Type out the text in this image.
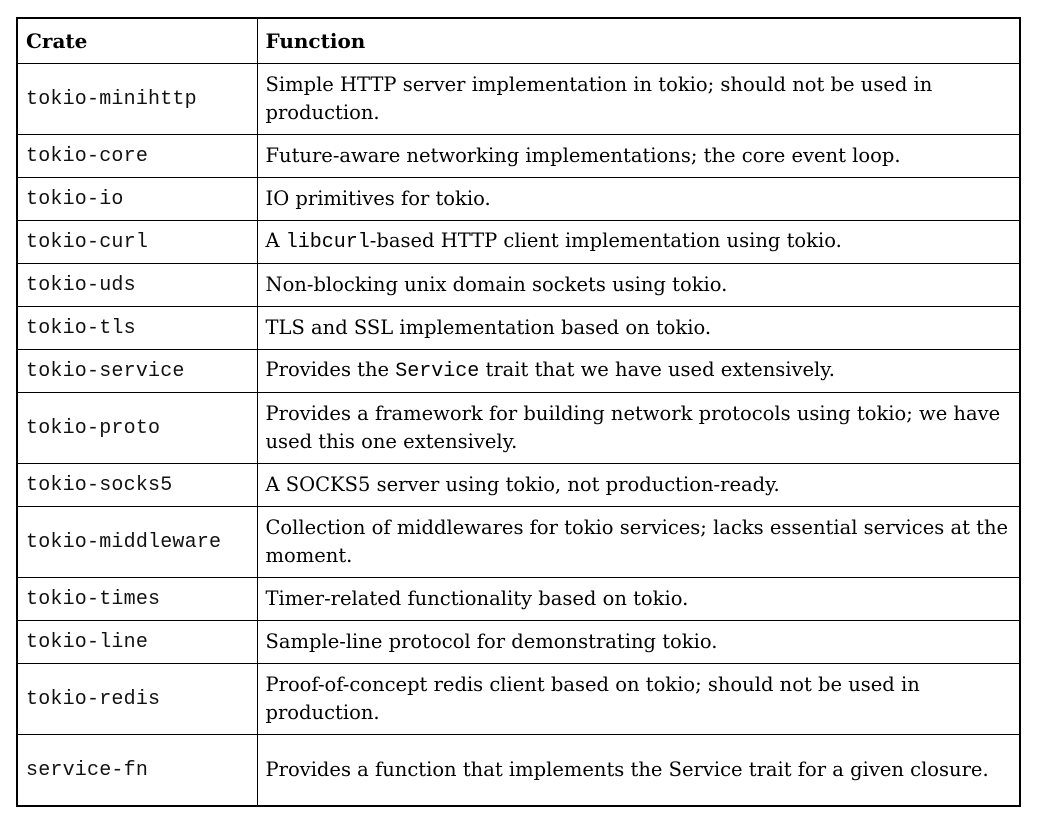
Crate	Function
tokio-minihttp	Simple HTTP server implementation in tokio; should not be used in production.
tokio-core	Future-aware networking implementations; the core event loop.
tokio-io	IO primitives for tokio.
tokio-curl	A libcurl-based HTTP client implementation using tokio.
tokio-uds	Non-blocking unix domain sockets using tokio.
tokio-tls	TLS and SSL implementation based on tokio.
tokio-service	Provides the Service trait that we have used extensively.
tokio-proto	Provides a framework for building network protocols using tokio; we have used this one extensively.
tokio-socks5	A SOCKS5 server using tokio, not production-ready.
tokio-middleware	Collection of middlewares for tokio services; lacks essential services at the moment.
tokio-times	Timer-related functionality based on tokio.
tokio-line	Sample-line protocol for demonstrating tokio.
tokio-redis	Proof-of-concept redis client based on tokio; should not be used in production.
service-fn	Provides a function that implements the Service trait for a given closure.
